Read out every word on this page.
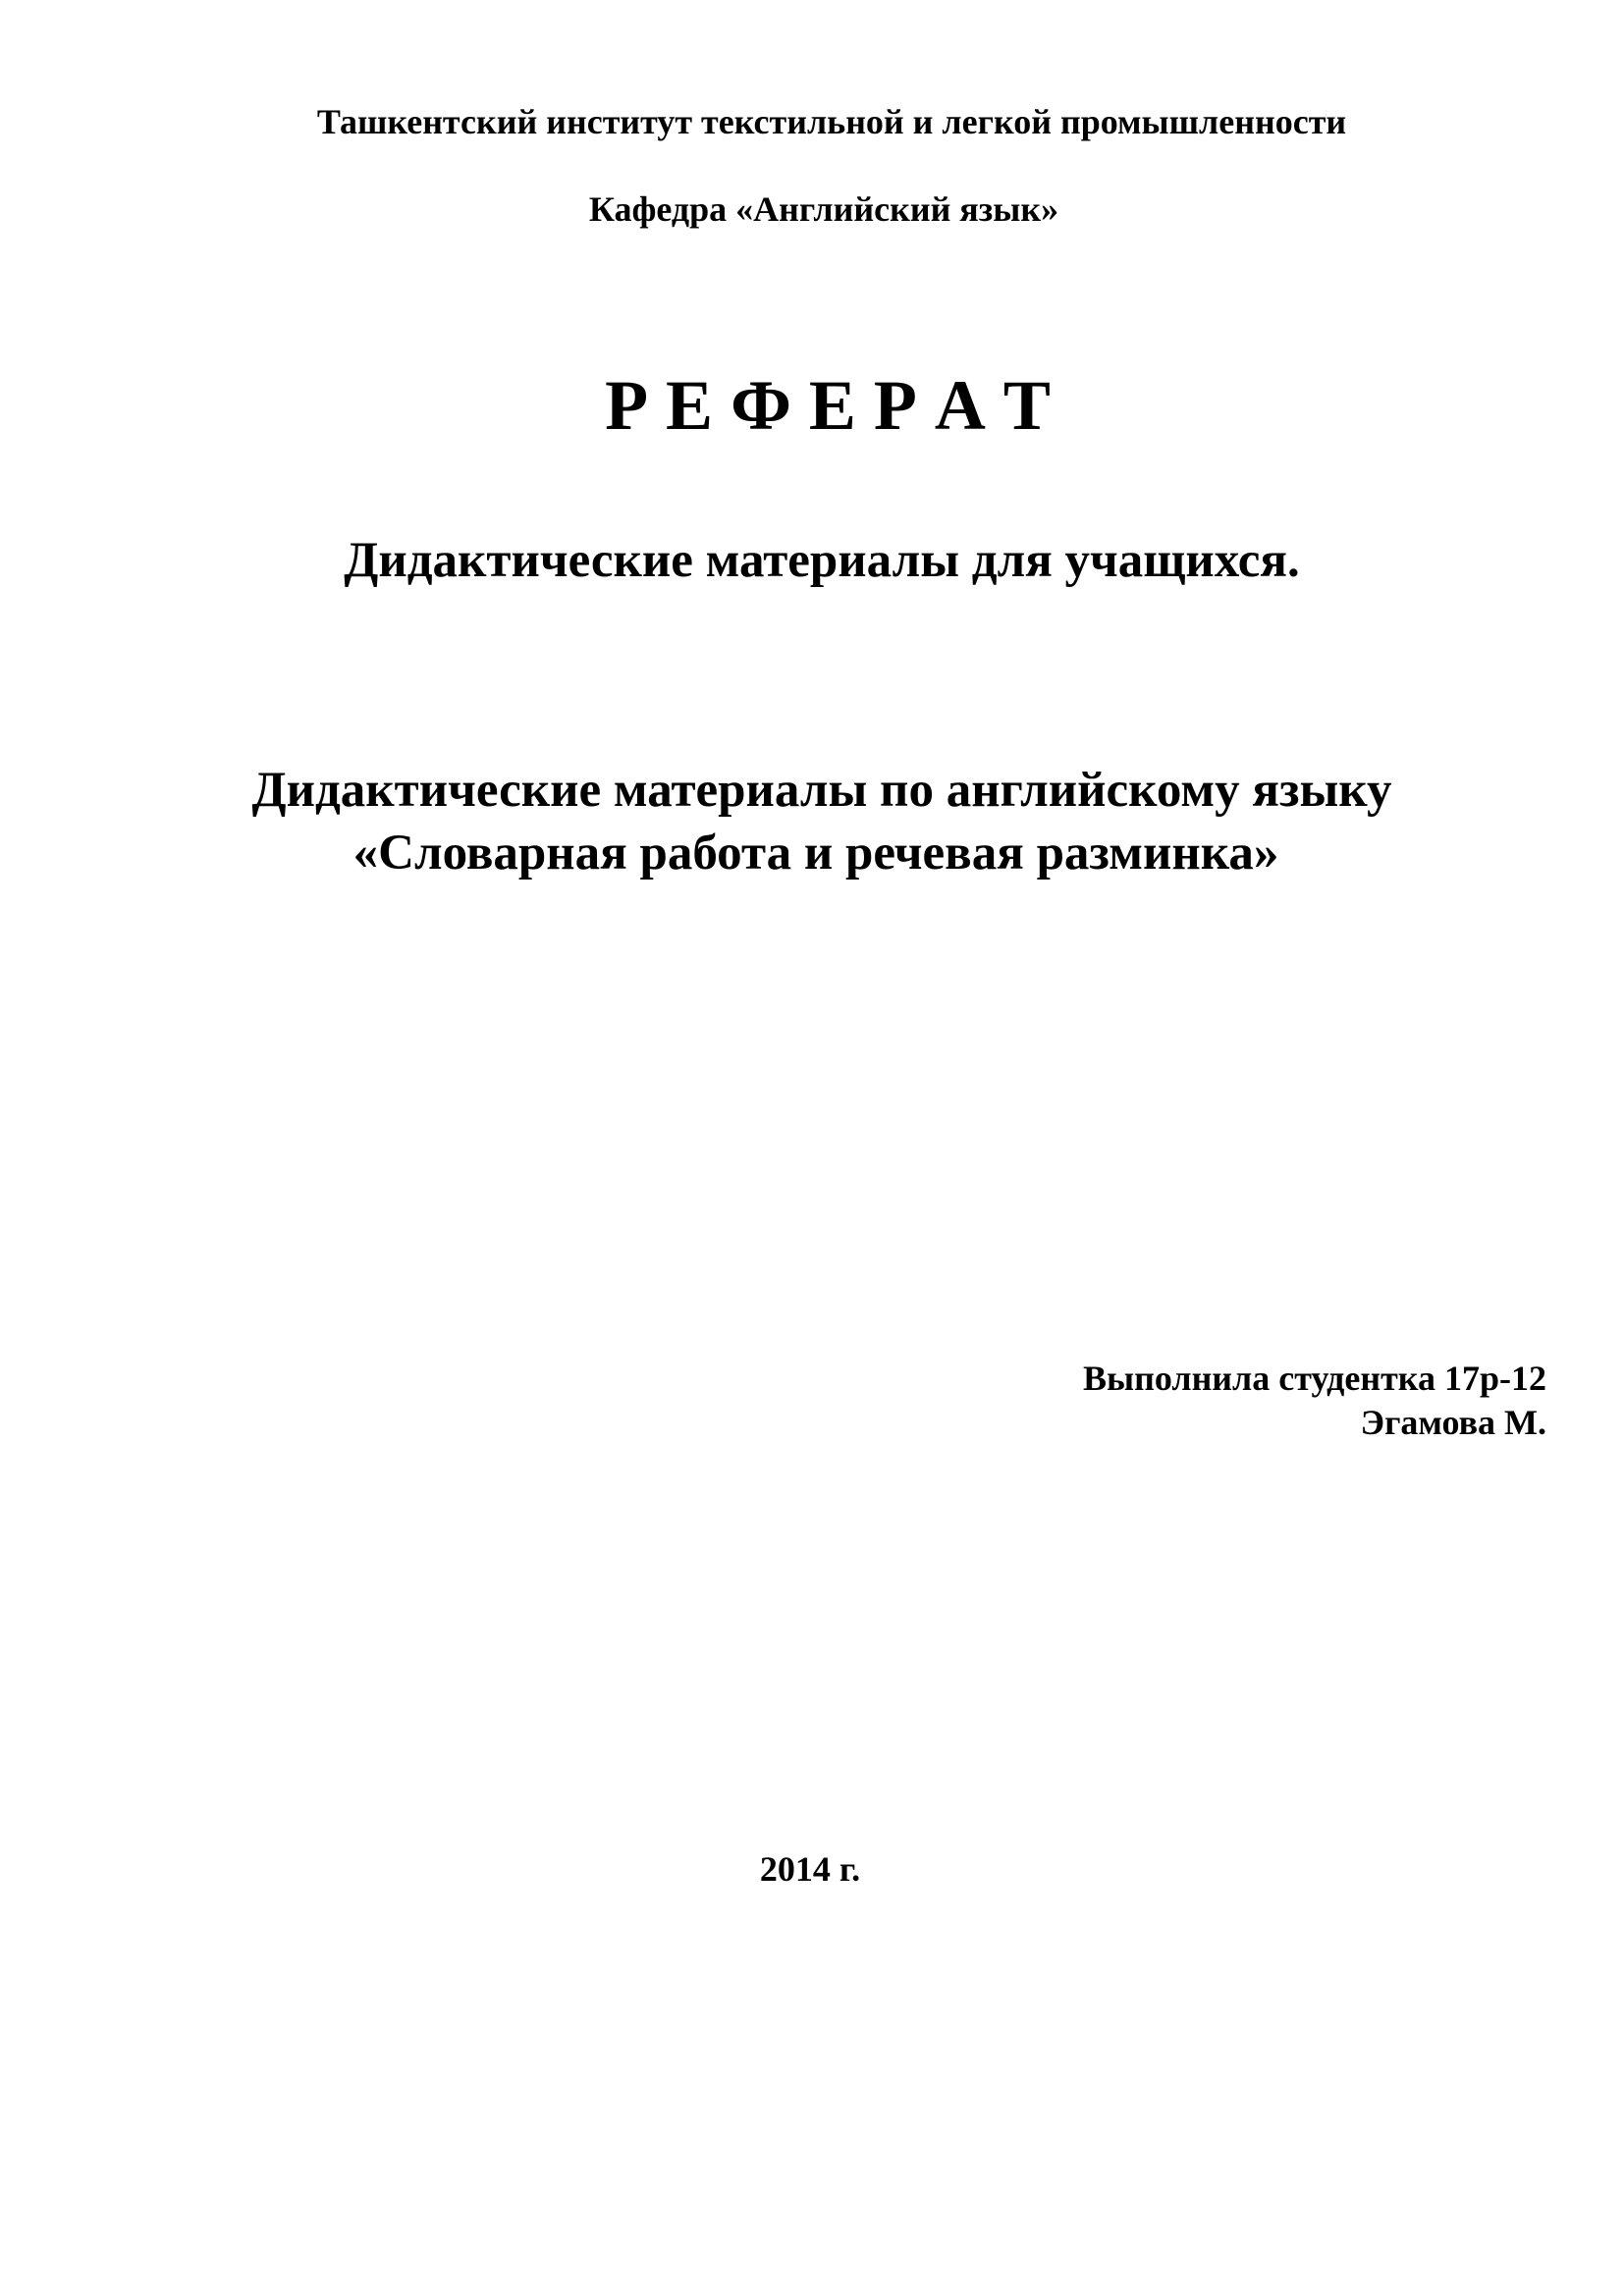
Ташкентский институт текстильной и легкой промышленности
Кафедра «Английский язык»
Р Е Ф Е Р А Т
Дидактические материалы для учащихся.
Дидактические материалы по английскому языку
«Словарная работа и речевая разминка»
Выполнила студентка 17р-12
Эгамова М.
2014 г.
